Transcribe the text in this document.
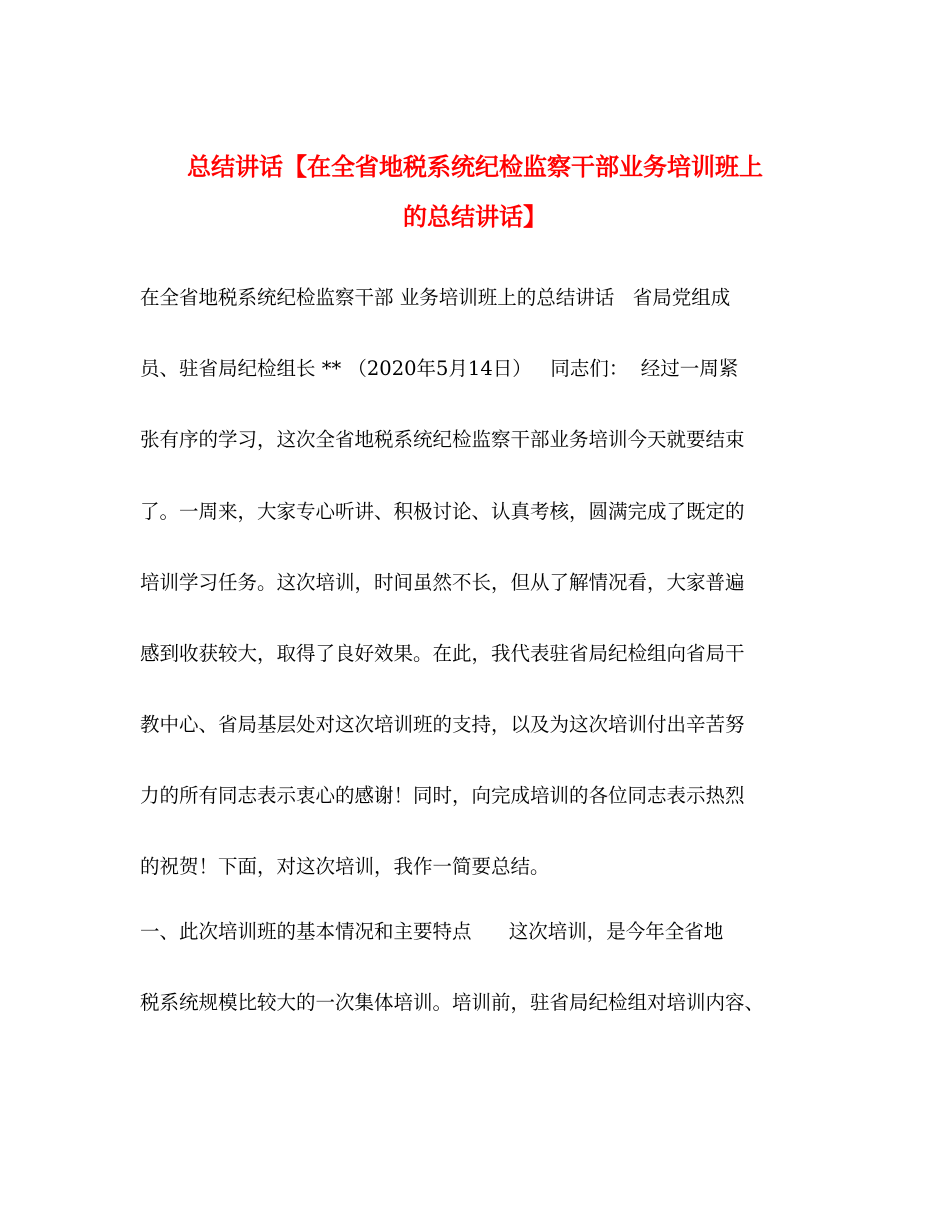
总结讲话【在全省地税系统纪检监察干部业务培训班上
的总结讲话】
在全省地税系统纪检监察干部 业务培训班上的总结讲话   省局党组成
员、驻省局纪检组长 ** （2020年5月14日）   同志们：  经过一周紧
张有序的学习，这次全省地税系统纪检监察干部业务培训今天就要结束
了。一周来，大家专心听讲、积极讨论、认真考核，圆满完成了既定的
培训学习任务。这次培训，时间虽然不长，但从了解情况看，大家普遍
感到收获较大，取得了良好效果。在此，我代表驻省局纪检组向省局干
教中心、省局基层处对这次培训班的支持，以及为这次培训付出辛苦努
力的所有同志表示衷心的感谢！同时，向完成培训的各位同志表示热烈
的祝贺！下面，对这次培训，我作一简要总结。
一、此次培训班的基本情况和主要特点      这次培训，是今年全省地
税系统规模比较大的一次集体培训。培训前，驻省局纪检组对培训内容、
